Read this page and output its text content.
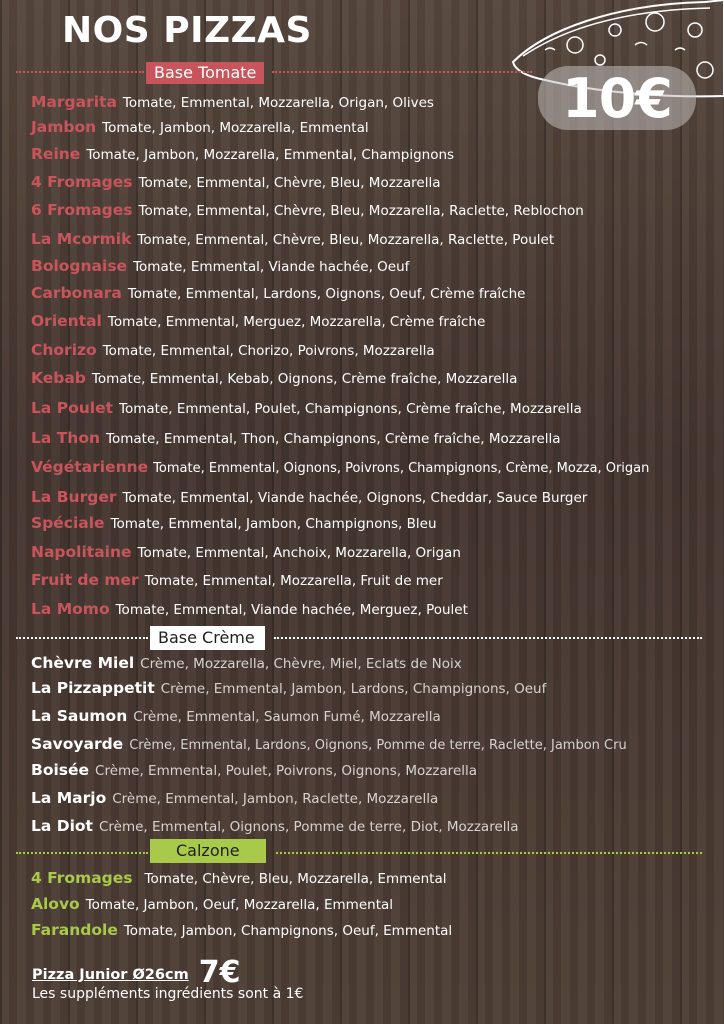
NOS PIZZAS
10€
Base Tomate
Margarita Tomate, Emmental, Mozzarella, Origan, Olives
Jambon Tomate, Jambon, Mozzarella, Emmental
Reine Tomate, Jambon, Mozzarella, Emmental, Champignons
4 Fromages Tomate, Emmental, Chèvre, Bleu, Mozzarella
6 Fromages Tomate, Emmental, Chèvre, Bleu, Mozzarella, Raclette, Reblochon
La Mcormik Tomate, Emmental, Chèvre, Bleu, Mozzarella, Raclette, Poulet
Bolognaise Tomate, Emmental, Viande hachée, Oeuf
Carbonara Tomate, Emmental, Lardons, Oignons, Oeuf, Crème fraîche
Oriental Tomate, Emmental, Merguez, Mozzarella, Crème fraîche
Chorizo Tomate, Emmental, Chorizo, Poivrons, Mozzarella
Kebab Tomate, Emmental, Kebab, Oignons, Crème fraîche, Mozzarella
La Poulet Tomate, Emmental, Poulet, Champignons, Crème fraîche, Mozzarella
La Thon Tomate, Emmental, Thon, Champignons, Crème fraîche, Mozzarella
Végétarienne Tomate, Emmental, Oignons, Poivrons, Champignons, Crème, Mozza, Origan
La Burger Tomate, Emmental, Viande hachée, Oignons, Cheddar, Sauce Burger
Spéciale Tomate, Emmental, Jambon, Champignons, Bleu
Napolitaine Tomate, Emmental, Anchoix, Mozzarella, Origan
Fruit de mer Tomate, Emmental, Mozzarella, Fruit de mer
La Momo Tomate, Emmental, Viande hachée, Merguez, Poulet
Base Crème
Chèvre Miel Crème, Mozzarella, Chèvre, Miel, Eclats de Noix
La Pizzappetit Crème, Emmental, Jambon, Lardons, Champignons, Oeuf
La Saumon Crème, Emmental, Saumon Fumé, Mozzarella
Savoyarde Crème, Emmental, Lardons, Oignons, Pomme de terre, Raclette, Jambon Cru
Boisée Crème, Emmental, Poulet, Poivrons, Oignons, Mozzarella
La Marjo Crème, Emmental, Jambon, Raclette, Mozzarella
La Diot Crème, Emmental, Oignons, Pomme de terre, Diot, Mozzarella
Calzone
4 Fromages Tomate, Chèvre, Bleu, Mozzarella, Emmental
Alovo Tomate, Jambon, Oeuf, Mozzarella, Emmental
Farandole Tomate, Jambon, Champignons, Oeuf, Emmental
Pizza Junior Ø26cm 7€
Les suppléments ingrédients sont à 1€
